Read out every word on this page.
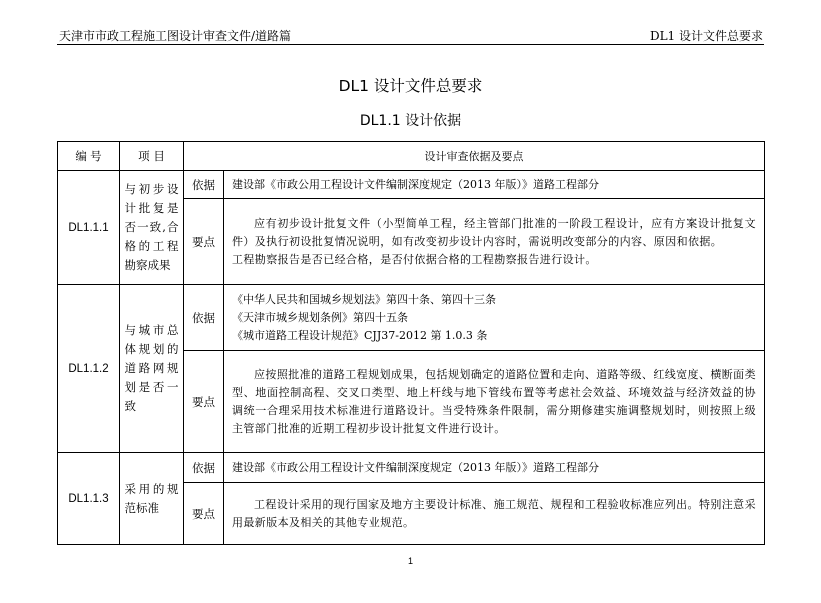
天津市市政工程施工图设计审查文件/道路篇	DL1 设计文件总要求
DL1 设计文件总要求
DL1.1 设计依据
编 号	项 目	设计审查依据及要点	
DL1.1.1	与初步设计批复是否一致,合格的工程勘察成果	依据	建设部《市政公用工程设计文件编制深度规定（2013 年版）》道路工程部分
		要点	应有初步设计批复文件（小型简单工程，经主管部门批准的一阶段工程设计，应有方案设计批复文件）及执行初设批复情况说明，如有改变初步设计内容时，需说明改变部分的内容、原因和依据。
工程勘察报告是否已经合格，是否付依据合格的工程勘察报告进行设计。

DL1.1.2	与城市总体规划的道路网规划是否一致	依据	《中华人民共和国城乡规划法》第四十条、第四十三条
《天津市城乡规划条例》第四十五条
《城市道路工程设计规范》CJJ37-2012 第 1.0.3 条

		要点	应按照批准的道路工程规划成果，包括规划确定的道路位置和走向、道路等级、红线宽度、横断面类型、地面控制高程、交叉口类型、地上杆线与地下管线布置等考虑社会效益、环境效益与经济效益的协调统一合理采用技术标准进行道路设计。当受特殊条件限制，需分期修建实施调整规划时，则按照上级主管部门批准的近期工程初步设计批复文件进行设计。

DL1.1.3	采用的规范标准	依据	建设部《市政公用工程设计文件编制深度规定（2013 年版）》道路工程部分
		要点	工程设计采用的现行国家及地方主要设计标准、施工规范、规程和工程验收标准应列出。特别注意采用最新版本及相关的其他专业规范。
1
